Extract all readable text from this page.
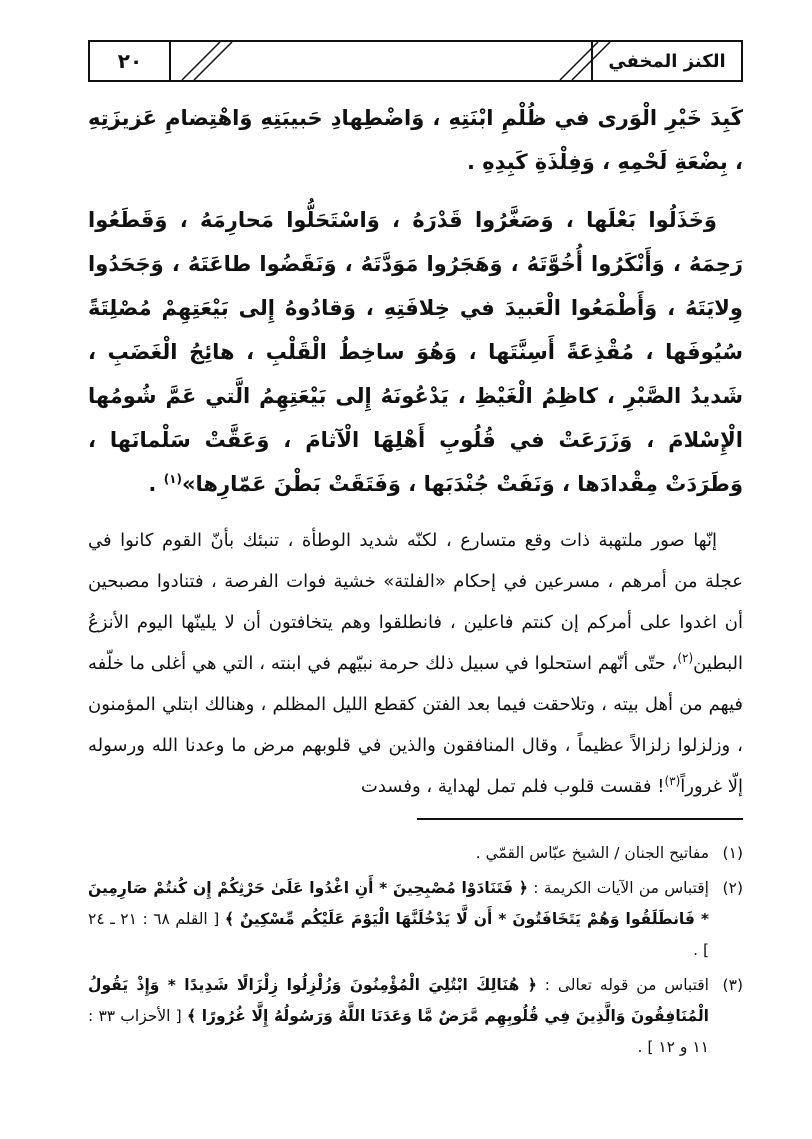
٢٠	الكنز المخفي

كَبِدَ خَيْرِ الْوَرى في ظُلْمِ ابْنَتِهِ ، وَاضْطِهادِ حَبيبَتِهِ وَاهْتِضامِ عَزيزَتِهِ ، بِضْعَةِ لَحْمِهِ ، وَفِلْذَةِ كَبِدِهِ .

وَخَذَلُوا بَعْلَها ، وَصَغَّرُوا قَدْرَهُ ، وَاسْتَحَلُّوا مَحارِمَهُ ، وَقَطَعُوا رَحِمَهُ ، وَأَنْكَرُوا أُخُوَّتَهُ ، وَهَجَرُوا مَوَدَّتَهُ ، وَنَقَضُوا طاعَتَهُ ، وَجَحَدُوا وِلايَتَهُ ، وَأَطْمَعُوا الْعَبيدَ في خِلافَتِهِ ، وَقادُوهُ إِلى بَيْعَتِهِمْ مُصْلِتَةً سُيُوفَها ، مُقْذِعَةً أَسِنَّتَها ، وَهُوَ ساخِطُ الْقَلْبِ ، هائِجُ الْغَضَبِ ، شَديدُ الصَّبْرِ ، كاظِمُ الْغَيْظِ ، يَدْعُونَهُ إِلى بَيْعَتِهِمُ الَّتي عَمَّ شُومُها الْإِسْلامَ ، وَزَرَعَتْ في قُلُوبِ أَهْلِهَا الْآثامَ ، وَعَقَّتْ سَلْمانَها ، وَطَرَدَتْ مِقْدادَها ، وَنَفَتْ جُنْدَبَها ، وَفَتَقَتْ بَطْنَ عَمّارِها»$^{(١)}$ .

إنّها صور ملتهبة ذات وقع متسارع ، لكنّه شديد الوطأة ، تنبئك بأنّ القوم كانوا في عجلة من أمرهم ، مسرعين في إحكام «الفلتة» خشية فوات الفرصة ، فتنادوا مصبحين أن اغدوا على أمركم إن كنتم فاعلين ، فانطلقوا وهم يتخافتون أن لا يلينّها اليوم الأنزعُ البطين$^{(٢)}$، حتّى أنّهم استحلوا في سبيل ذلك حرمة نبيّهم في ابنته ، التي هي أغلى ما خلّفه فيهم من أهل بيته ، وتلاحقت فيما بعد الفتن كقطع الليل المظلم ، وهنالك ابتلي المؤمنون ، وزلزلوا زلزالاً عظيماً ، وقال المنافقون والذين في قلوبهم مرض ما وعدنا الله ورسوله إلّا غروراً$^{(٣)}$! فقست قلوب فلم تمل لهداية ، وفسدت

(١)
مفاتيح الجنان / الشيخ عبّاس القمّي .
(٢)
إقتباس من الآيات الكريمة : ﴿ فَتَنَادَوْا مُصْبِحِينَ * أَنِ اغْدُوا عَلَىٰ حَرْثِكُمْ إِن كُنتُمْ صَارِمِينَ * فَانطَلَقُوا وَهُمْ يَتَخَافَتُونَ * أَن لَّا يَدْخُلَنَّهَا الْيَوْمَ عَلَيْكُم مِّسْكِينٌ ﴾ [ القلم ٦٨ : ٢١ ـ ٢٤ ] .
(٣)
اقتباس من قوله تعالى : ﴿ هُنَالِكَ ابْتُلِيَ الْمُؤْمِنُونَ وَزُلْزِلُوا زِلْزَالًا شَدِيدًا * وَإِذْ يَقُولُ الْمُنَافِقُونَ وَالَّذِينَ فِي قُلُوبِهِم مَّرَضٌ مَّا وَعَدَنَا اللَّهُ وَرَسُولُهُ إِلَّا غُرُورًا ﴾ [ الأحزاب ٣٣ : ١١ و ١٢ ] .
